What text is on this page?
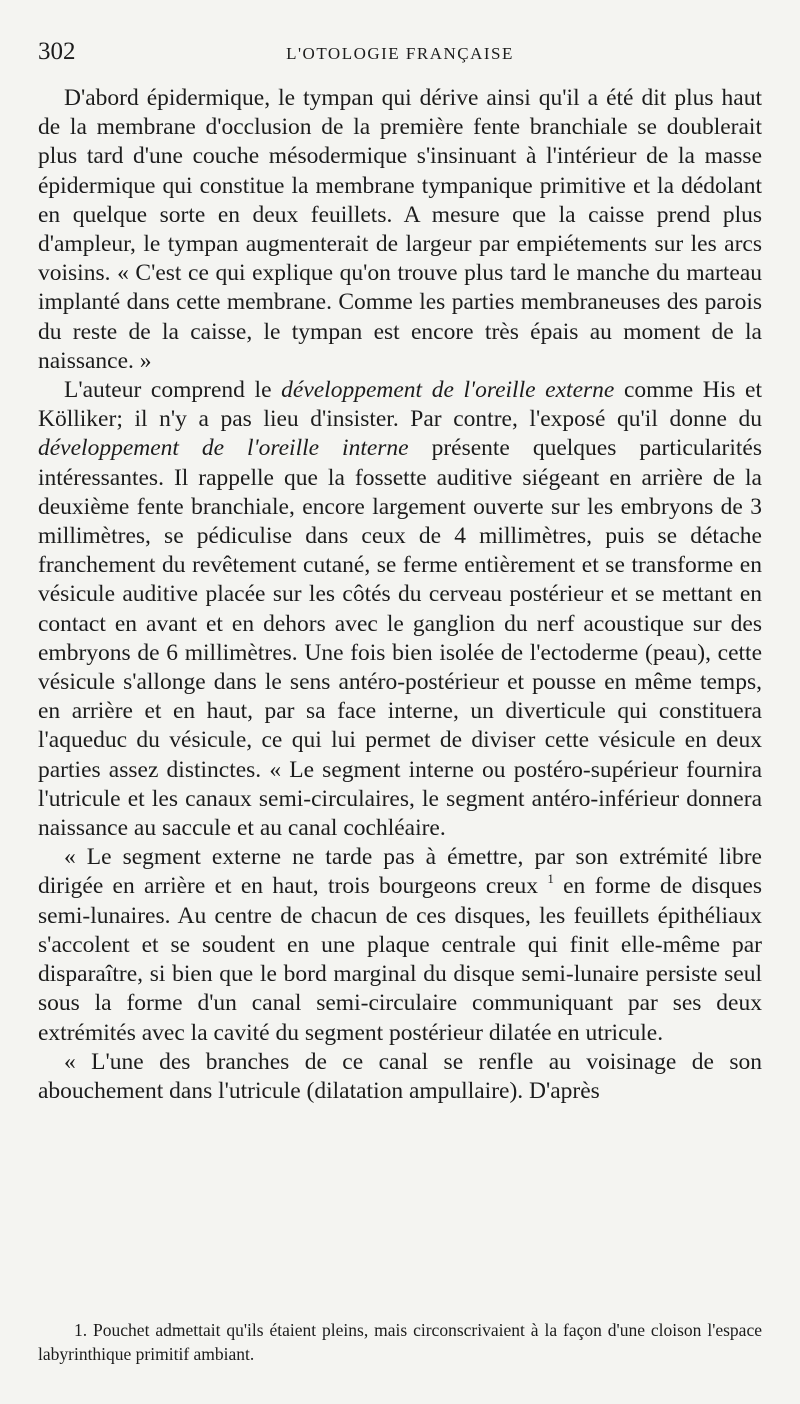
302	L'OTOLOGIE FRANÇAISE

D'abord épidermique, le tympan qui dérive ainsi qu'il a été dit plus haut de la membrane d'occlusion de la première fente branchiale se doublerait plus tard d'une couche mésodermique s'insinuant à l'intérieur de la masse épidermique qui constitue la membrane tympanique primitive et la dédolant en quelque sorte en deux feuillets. A mesure que la caisse prend plus d'ampleur, le tympan augmenterait de largeur par empiétements sur les arcs voisins. « C'est ce qui explique qu'on trouve plus tard le manche du marteau implanté dans cette membrane. Comme les parties membraneuses des parois du reste de la caisse, le tympan est encore très épais au moment de la naissance. »

L'auteur comprend le développement de l'oreille externe comme His et Kölliker; il n'y a pas lieu d'insister. Par contre, l'exposé qu'il donne du développement de l'oreille interne présente quelques particularités intéressantes. Il rappelle que la fossette auditive siégeant en arrière de la deuxième fente branchiale, encore largement ouverte sur les embryons de 3 millimètres, se pédiculise dans ceux de 4 millimètres, puis se détache franchement du revêtement cutané, se ferme entièrement et se transforme en vésicule auditive placée sur les côtés du cerveau postérieur et se mettant en contact en avant et en dehors avec le ganglion du nerf acoustique sur des embryons de 6 millimètres. Une fois bien isolée de l'ectoderme (peau), cette vésicule s'allonge dans le sens antéro-postérieur et pousse en même temps, en arrière et en haut, par sa face interne, un diverticule qui constituera l'aqueduc du vésicule, ce qui lui permet de diviser cette vésicule en deux parties assez distinctes. « Le segment interne ou postéro-supérieur fournira l'utricule et les canaux semi-circulaires, le segment antéro-inférieur donnera naissance au saccule et au canal cochléaire.

« Le segment externe ne tarde pas à émettre, par son extrémité libre dirigée en arrière et en haut, trois bourgeons creux $^1$ en forme de disques semi-lunaires. Au centre de chacun de ces disques, les feuillets épithéliaux s'accolent et se soudent en une plaque centrale qui finit elle-même par disparaître, si bien que le bord marginal du disque semi-lunaire persiste seul sous la forme d'un canal semi-circulaire communiquant par ses deux extrémités avec la cavité du segment postérieur dilatée en utricule.

« L'une des branches de ce canal se renfle au voisinage de son abouchement dans l'utricule (dilatation ampullaire). D'après

1. Pouchet admettait qu'ils étaient pleins, mais circonscrivaient à la façon d'une cloison l'espace labyrinthique primitif ambiant.
